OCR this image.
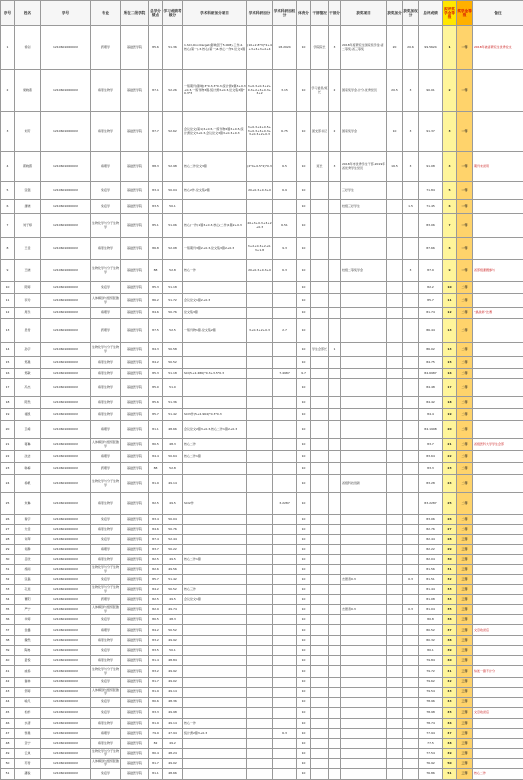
序号	姓名	学号	专业	所在二级学院	总学分绩点	学习成绩考核分	学术科研加分项目	学术科研加分	学术科研加权分	体育分	干部情况	干部分	获奖项目	获奖加分	获奖加权分	总评成绩	拟评奖学金等级	奖学金等级	备注	
1	徐钊	12106010600XX	药理学	基础医学院	85.6	51.36	1.SCI,Oncotarget(影响因子5.008),工作,2.核心(第一),3.核心(第一)4.核心一作5.论文1篇	(10+2.8*3)*2+4+3+3+3+2+4	18.2024	10	学院院长	3	2018年度研究生国家奖学金;省二等奖;省三等奖	20	20.6	99.5624	1	一等	2018年被省研究生优秀论文	
2	梁晓燕	12106010600XX	病原生物学	基础医学院	87.1	52.26	一般期刊(影响)3*0.3,3*0.3,统计源2篇3+0.3+0.3,一般刊物3篇,统计源3+0.3,论文集3篇*0.3*3	3+0.3+0.3+2+0.3+2+3+0.3+3+2	3.15	10	学习委员/班长	2	国家奖学金,计分,优秀党员	20.5	3	90.01	2	一等		
3	刘芳	12106010600XX	病原生物学	基础医学院	87.7	52.62	会议论文(第1)3+0.5,一般刊物2篇3+0.5,统计源论文3+0.3,会议论文3篇3+0.3+0.3	3+0.3+2+0.5+3+0.3+3+0.3+3+0.3+2+0.3	6.75	10	团支部书记	2	国家奖学金	10	3	91.37	3	一等		
4	郭晓霞	12106010600XX	病理学	基础医学院	88.3	52.98	核心二作论文3篇	(2*4+0.5*2)*0.3	6.5	10	班长	3	2018年市优秀学生干部,2019年省优秀学生党员	16.5	3	91.08	4	一等	期刊未录用	
5	张强	12106010600XX	免疫学	基础医学院	83.4	50.04	核心2作,论文集2篇	20+0.3+0.3+0	6.9	10			三好学生			71.84	5	一等		
6	唐晓	12106010600XX	免疫学	基础医学院	83.5	50.1				10			校级三好学生		1.5	71.45	6	一等		
7	刘子婷	12106010600XX	生物化学与分子生物学	基础医学院	85.1	51.06	核心(一作)1篇3+0.3,核心(二作)1篇2+0.3	20+3+0.3+3+2+0.3	6.51	10						83.06	7	一等		
8	王佳	12106010600XX	病原生物学	基础医学院	86.8	52.08	一般期刊3篇2+0.3,论文集3篇2+0.3	3+2+0.3+2+0.3+1.8	9.3	10						87.66	8	一等		
9	王晓	12106010600XX	生物化学与分子生物学	基础医学院	88	52.8	核心一作	20+0.3+0.3+0	6.3	10			校级二等奖学金		3	87.9	9	一等	省部级课题参与	
10	陈婷	12106010600XX	免疫学	基础医学院	85.3	51.18				10						82.2	10	二等		
11	李玲	12106010600XX	人体解剖与组织胚胎学	基础医学院	86.2	51.72	会议论文1篇2+0.3			10						85.7	11	二等		
12	周乐	12106010600XX	病理学	基础医学院	84.6	50.76	论文集3篇			10						81.74	12	二等	“挑战杯”比赛	
13	吴雪	12106010600XX	药理学	基础医学院	87.5	52.5	一般刊物1篇,论文集2篇	3+0.3+2+0.3	2.7	10						86.44	13	二等		
14	孙宇	12106010600XX	生物化学与分子生物学	基础医学院	84.3	50.58				10	学生会部长	1				86.02	14	二等		
15	郑晨	12106010600XX	病原生物学	基础医学院	84.2	50.52				10						84.75	15	二等		
16	郑敏	12106010600XX	病原生物学	基础医学院	85.3	51.18	SCI(5+2.486)*0.3+3.5*0.3		7.4987	9.7						84.6987	16	二等		
17	冯杰	12106010600XX	病原生物学	基础医学院	85.0	51.0				10						84.48	17	二等		
18	陈然	12106010600XX	病原生物学	基础医学院	85.6	51.36				10						84.42	18	二等		
19	褚凯	12106010600XX	病原生物学	基础医学院	85.7	51.42	SCI3作(5+2.964)*0.3*0.3			10						84.4	19	二等		
20	卫峰	12106010600XX	病理学	基础医学院	81.1	48.66	会议论文2篇3+0.3,核心二作1篇2+0.3			10						84.1998	20	二等		
21	蒋琳	12106010600XX	人体解剖与组织胚胎学	基础医学院	80.5	48.3	核心二作			10						83.7	21	二等	省级医科大学学生会部	
22	沈洁	12106010600XX	病理学	基础医学院	84.4	50.64	核心二作1篇			10						83.64	22	二等		
23	韩梅	12106010600XX	药理学	基础医学院	88	52.8				10						83.3	23	二等		
24	杨帆	12106010600XX	生物化学与分子生物学	基础医学院	81.9	49.14				10			省级科技创新			83.28	24	二等		
25	朱琳	12106010600XX	病原生物学	基础医学院	82.5	49.5	SCI2作		3.2287	10						83.2287	25	二等		
26	秦宇	12106010600XX	免疫学	基础医学院	83.4	50.04				10						83.06	26	二等		
27	尤佳	12106010600XX	病原生物学	基础医学院	84.6	50.76				10						82.76	27	二等		
28	许辉	12106010600XX	免疫学	基础医学院	87.4	52.44				10						82.44	28	三等		
29	何静	12106010600XX	病理学	基础医学院	83.7	50.22				10						82.22	29	三等		
30	吕欣	12106010600XX	病原生物学	基础医学院	82.5	49.5	核心二作1篇			10						82.04	30	三等		
31	施雨	12106010600XX	生物化学与分子生物学	基础医学院	82.6	49.56				10						81.56	31	三等		
32	张磊	12106010600XX	免疫学	基础医学院	85.7	51.42				10			志愿者0.3		0.3	81.51	32	三等		
33	孔瑶	12106010600XX	生物化学与分子生物学	基础医学院	84.2	50.52	核心三作			10						81.44	33	三等		
34	曹阳	12106010600XX	药理学	基础医学院	82.5	49.5	会议论文1篇			10						81.08	34	三等		
35	严宁	12106010600XX	人体解剖与组织胚胎学	基础医学院	82.9	49.74				10			志愿者0.3		0.3	81.04	35	三等		
36	华婷	12106010600XX	免疫学	基础医学院	80.5	48.3				10						80.8	36	三等		
37	金鑫	12106010600XX	病理学	基础医学院	84.2	50.52				10						80.52	37	三等	文章收录后	
38	魏然	12106010600XX	病原生物学	基础医学院	83.2	49.92				10						80.32	38	三等		
39	陶冉	12106010600XX	免疫学	基础医学院	83.5	50.1				10						80.1	39	三等		
40	姜悦	12106010600XX	病原生物学	基础医学院	81.4	48.84				10						79.84	40	三等		
41	戚杨	12106010600XX	生物化学与分子生物学	基础医学院	83.2	49.92				10						79.72	41	三等	综述一篇不计分	
42	谢林	12106010600XX	免疫学	基础医学院	81.7	49.02				10						79.62	42	三等		
43	邹婷	12106010600XX	人体解剖与组织胚胎学	基础医学院	81.9	49.14				10						79.54	43	三等		
44	喻凡	12106010600XX	免疫学	基础医学院	80.6	48.36				10						78.96	44	三等		
45	柏杉	12106010600XX	免疫学	基础医学院	83.3	49.98				10						78.98	45	三等	文章收录后	
46	水清	12106010600XX	病原生物学	基础医学院	81.9	49.14	核心一作			10						78.74	46	三等		
47	窦晨	12106010600XX	病理学	基础医学院	79.9	47.94	统计源2篇3+0.3		6.3	10						77.94	47	三等		
48	章宁	12106010600XX	病原生物学	基础医学院	82	49.2				10						77.5	48	三等		
49	云岚	12106010600XX	生物化学与分子生物学	基础医学院	80.4	48.24				10						77.54	49	三等		
50	苏雪	12106010600XX	人体解剖与组织胚胎学	基础医学院	81.7	49.02				10						76.92	50	三等		
51	潘锐	12106010600XX	免疫学	基础医学院	81.1	48.66				10						76.86	51	三等	核心二作	
